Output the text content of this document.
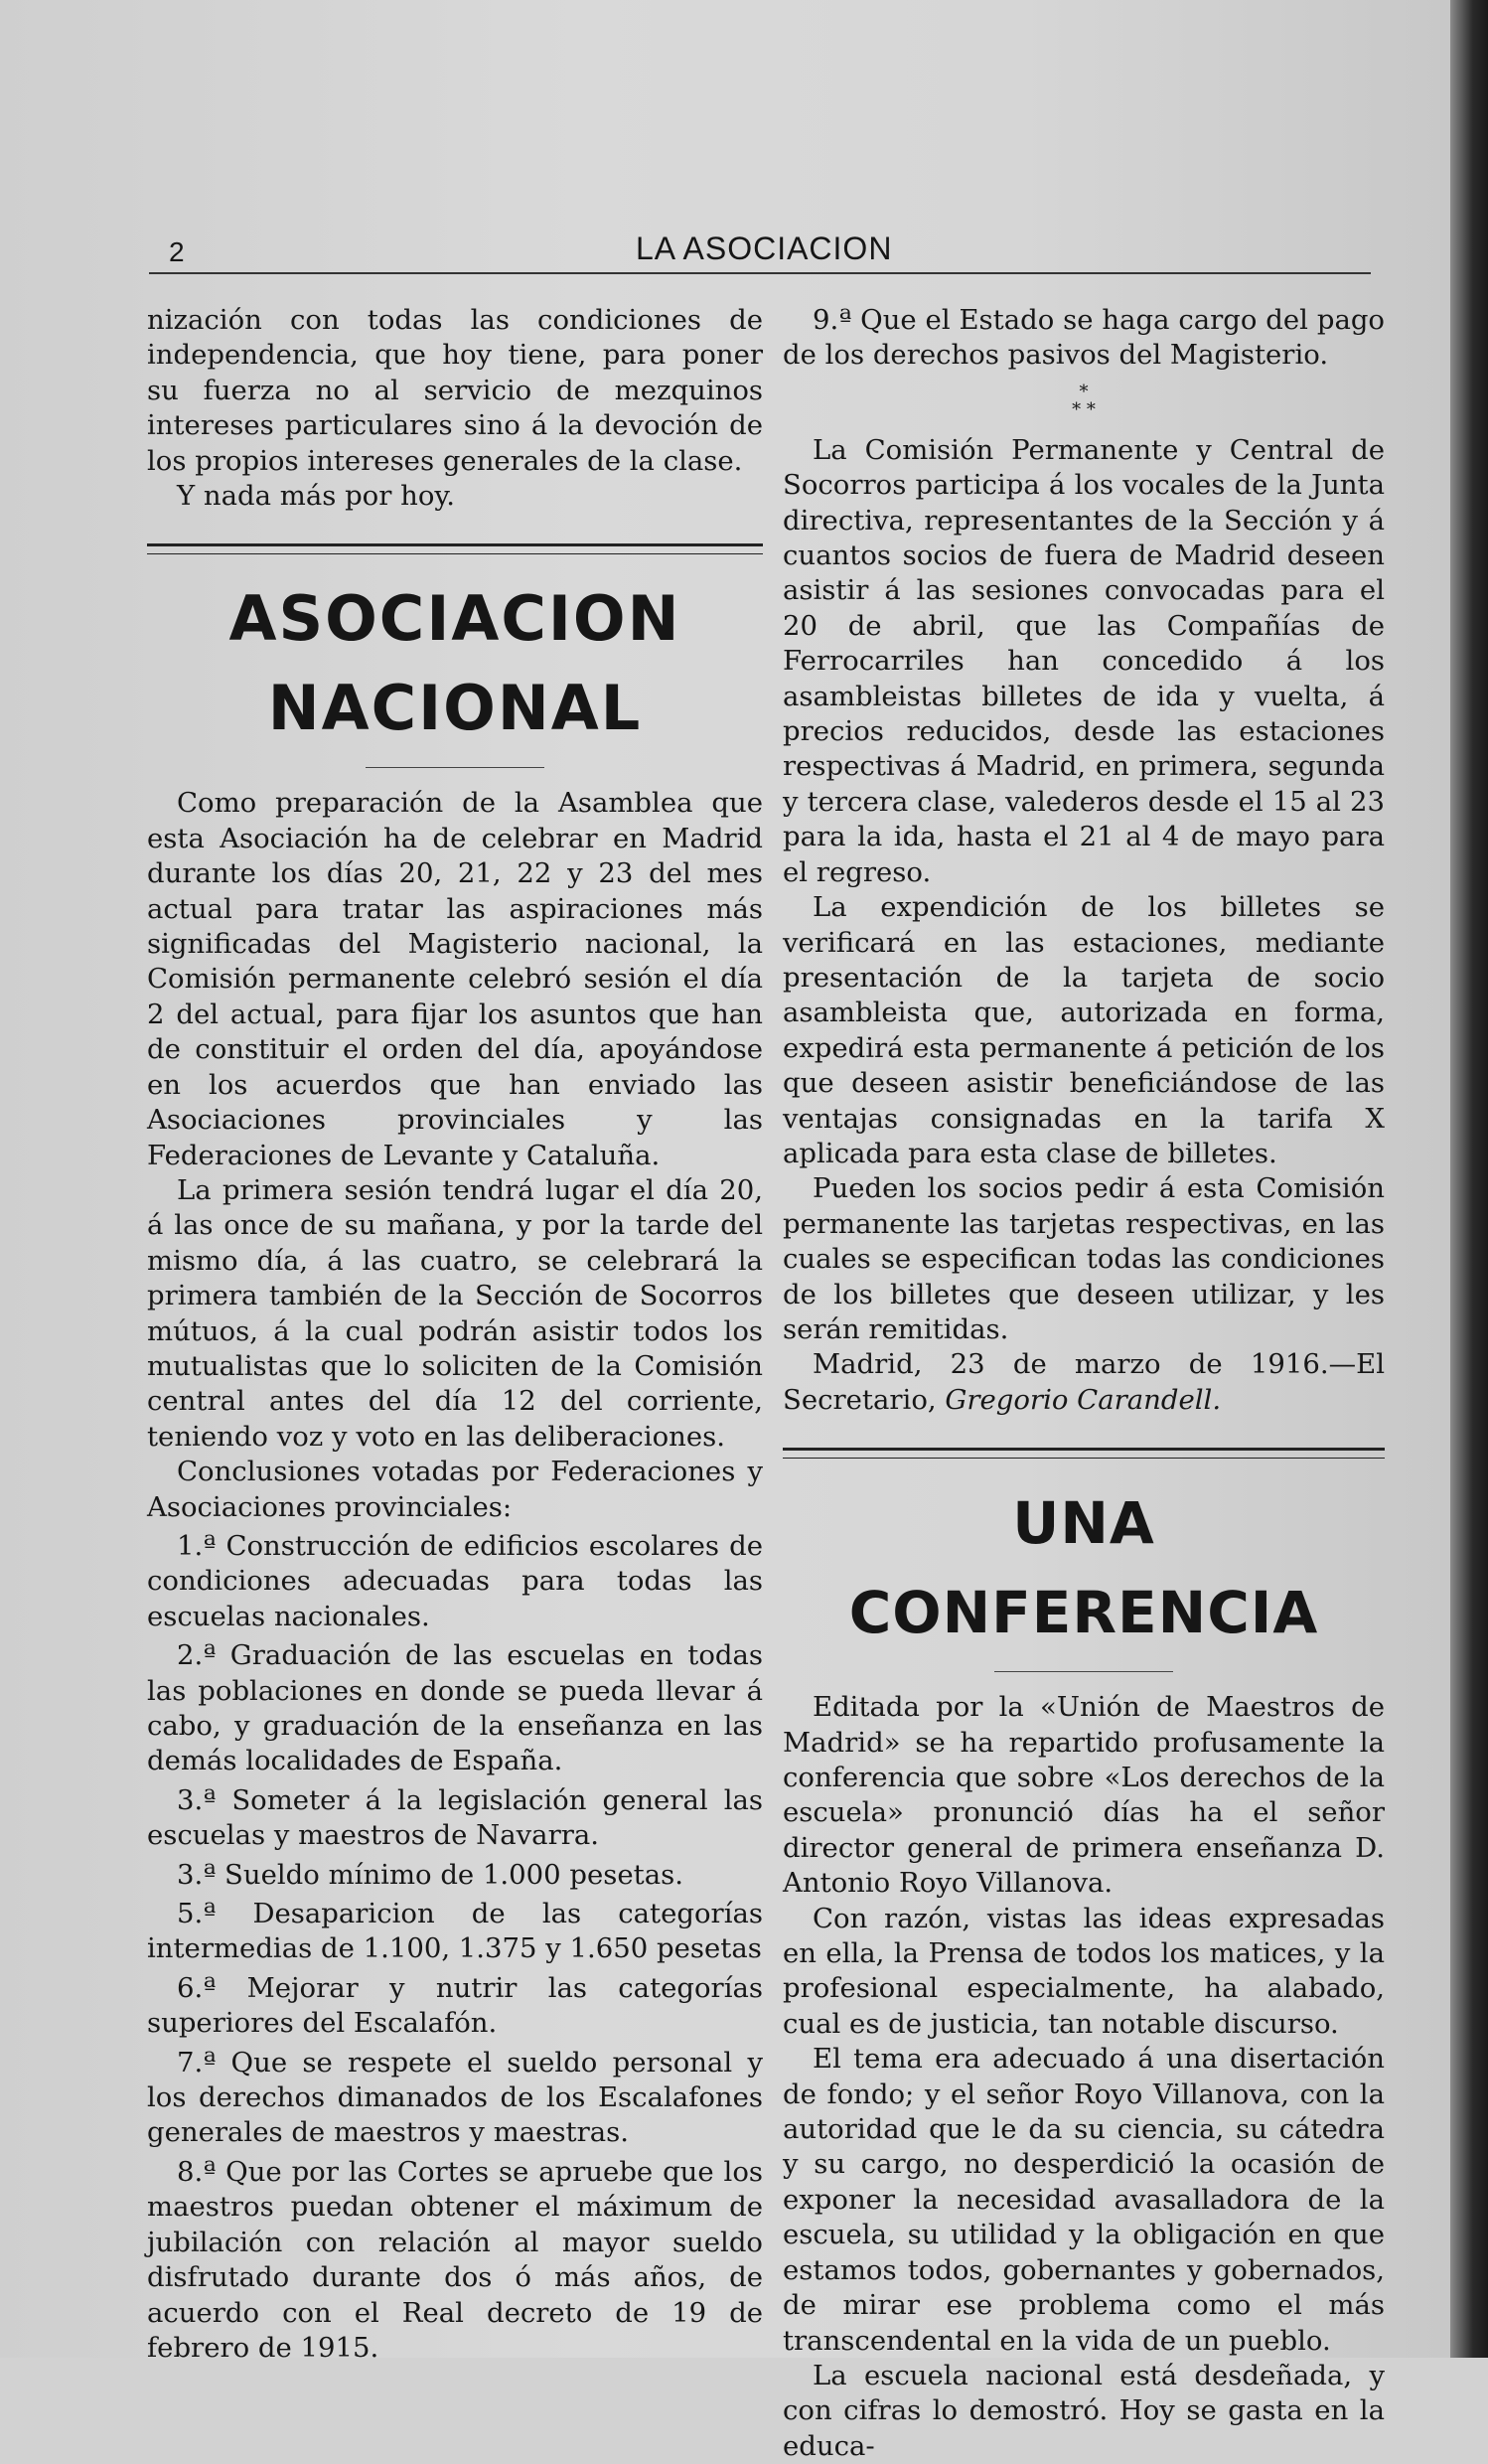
2	LA ASOCIACION

nización con todas las condiciones de independencia, que hoy tiene, para poner su fuerza no al servicio de mezquinos intereses particulares sino á la devoción de los propios intereses generales de la clase.

Y nada más por hoy.

ASOCIACION NACIONAL

Como preparación de la Asamblea que esta Asociación ha de celebrar en Madrid durante los días 20, 21, 22 y 23 del mes actual para tratar las aspiraciones más significadas del Magisterio nacional, la Comisión permanente celebró sesión el día 2 del actual, para fijar los asuntos que han de constituir el orden del día, apoyándose en los acuerdos que han enviado las Asociaciones provinciales y las Federaciones de Levante y Cataluña.

La primera sesión tendrá lugar el día 20, á las once de su mañana, y por la tarde del mismo día, á las cuatro, se celebrará la primera también de la Sección de Socorros mútuos, á la cual podrán asistir todos los mutualistas que lo soliciten de la Comisión central antes del día 12 del corriente, teniendo voz y voto en las deliberaciones.

Conclusiones votadas por Federaciones y Asociaciones provinciales:

1.ª Construcción de edificios escolares de condiciones adecuadas para todas las escuelas nacionales.

2.ª Graduación de las escuelas en todas las poblaciones en donde se pueda llevar á cabo, y graduación de la enseñanza en las demás localidades de España.

3.ª Someter á la legislación general las escuelas y maestros de Navarra.

3.ª Sueldo mínimo de 1.000 pesetas.

5.ª Desaparicion de las categorías intermedias de 1.100, 1.375 y 1.650 pesetas

6.ª Mejorar y nutrir las categorías superiores del Escalafón.

7.ª Que se respete el sueldo personal y los derechos dimanados de los Escalafones generales de maestros y maestras.

8.ª Que por las Cortes se apruebe que los maestros puedan obtener el máximum de jubilación con relación al mayor sueldo disfrutado durante dos ó más años, de acuerdo con el Real decreto de 19 de febrero de 1915.

9.ª Que el Estado se haga cargo del pago de los derechos pasivos del Magisterio.

*
* *

La Comisión Permanente y Central de Socorros participa á los vocales de la Junta directiva, representantes de la Sección y á cuantos socios de fuera de Madrid deseen asistir á las sesiones convocadas para el 20 de abril, que las Compañías de Ferrocarriles han concedido á los asambleistas billetes de ida y vuelta, á precios reducidos, desde las estaciones respectivas á Madrid, en primera, segunda y tercera clase, valederos desde el 15 al 23 para la ida, hasta el 21 al 4 de mayo para el regreso.

La expendición de los billetes se verificará en las estaciones, mediante presentación de la tarjeta de socio asambleista que, autorizada en forma, expedirá esta permanente á petición de los que deseen asistir beneficiándose de las ventajas consignadas en la tarifa X aplicada para esta clase de billetes.

Pueden los socios pedir á esta Comisión permanente las tarjetas respectivas, en las cuales se especifican todas las condiciones de los billetes que deseen utilizar, y les serán remitidas.

Madrid, 23 de marzo de 1916.—El Secretario, Gregorio Carandell.

UNA CONFERENCIA

Editada por la «Unión de Maestros de Madrid» se ha repartido profusamente la conferencia que sobre «Los derechos de la escuela» pronunció días ha el señor director general de primera enseñanza D. Antonio Royo Villanova.

Con razón, vistas las ideas expresadas en ella, la Prensa de todos los matices, y la profesional especialmente, ha alabado, cual es de justicia, tan notable discurso.

El tema era adecuado á una disertación de fondo; y el señor Royo Villanova, con la autoridad que le da su ciencia, su cátedra y su cargo, no desperdició la ocasión de exponer la necesidad avasalladora de la escuela, su utilidad y la obligación en que estamos todos, gobernantes y gobernados, de mirar ese problema como el más transcendental en la vida de un pueblo.

La escuela nacional está desdeñada, y con cifras lo demostró. Hoy se gasta en la educa-
